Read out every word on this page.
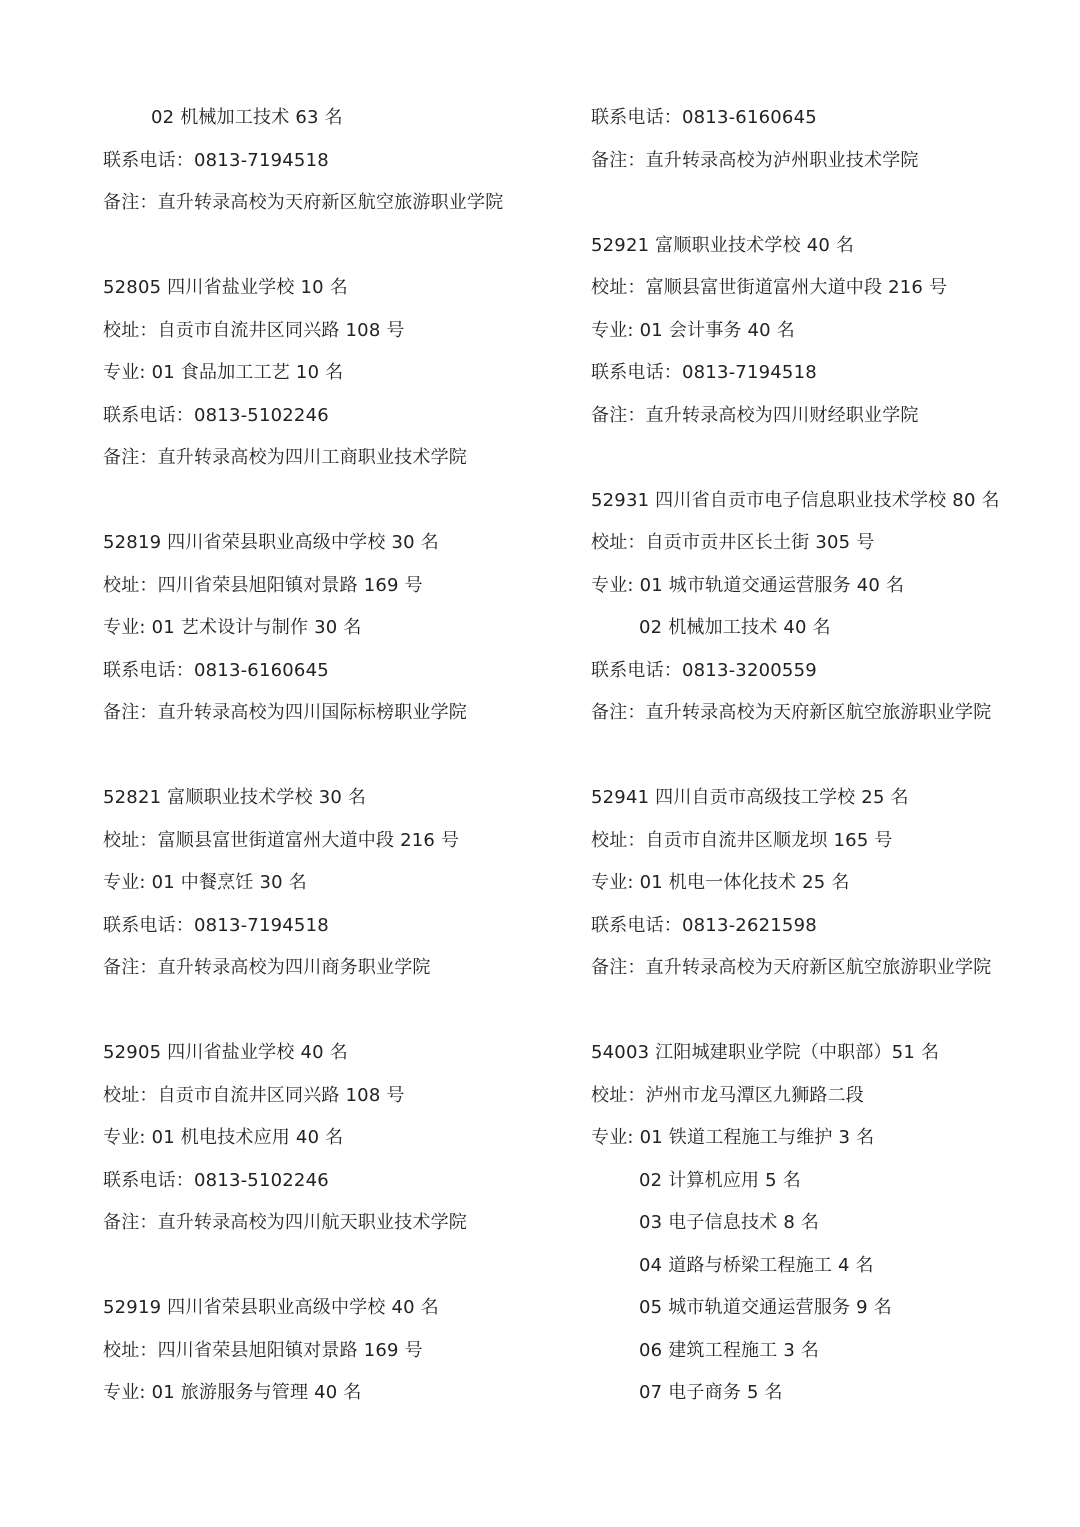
02 机械加工技术 63 名
联系电话：0813-7194518
备注：直升转录高校为天府新区航空旅游职业学院
52805 四川省盐业学校 10 名
校址：自贡市自流井区同兴路 108 号
专业: 01 食品加工工艺 10 名
联系电话：0813-5102246
备注：直升转录高校为四川工商职业技术学院
52819 四川省荣县职业高级中学校 30 名
校址：四川省荣县旭阳镇对景路 169 号
专业: 01 艺术设计与制作 30 名
联系电话：0813-6160645
备注：直升转录高校为四川国际标榜职业学院
52821 富顺职业技术学校 30 名
校址：富顺县富世街道富州大道中段 216 号
专业: 01 中餐烹饪 30 名
联系电话：0813-7194518
备注：直升转录高校为四川商务职业学院
52905 四川省盐业学校 40 名
校址：自贡市自流井区同兴路 108 号
专业: 01 机电技术应用 40 名
联系电话：0813-5102246
备注：直升转录高校为四川航天职业技术学院
52919 四川省荣县职业高级中学校 40 名
校址：四川省荣县旭阳镇对景路 169 号
专业: 01 旅游服务与管理 40 名
联系电话：0813-6160645
备注：直升转录高校为泸州职业技术学院
52921 富顺职业技术学校 40 名
校址：富顺县富世街道富州大道中段 216 号
专业: 01 会计事务 40 名
联系电话：0813-7194518
备注：直升转录高校为四川财经职业学院
52931 四川省自贡市电子信息职业技术学校 80 名
校址：自贡市贡井区长土街 305 号
专业: 01 城市轨道交通运营服务 40 名
02 机械加工技术 40 名
联系电话：0813-3200559
备注：直升转录高校为天府新区航空旅游职业学院
52941 四川自贡市高级技工学校 25 名
校址：自贡市自流井区顺龙坝 165 号
专业: 01 机电一体化技术 25 名
联系电话：0813-2621598
备注：直升转录高校为天府新区航空旅游职业学院
54003 江阳城建职业学院（中职部）51 名
校址：泸州市龙马潭区九狮路二段
专业: 01 铁道工程施工与维护 3 名
02 计算机应用 5 名
03 电子信息技术 8 名
04 道路与桥梁工程施工 4 名
05 城市轨道交通运营服务 9 名
06 建筑工程施工 3 名
07 电子商务 5 名
